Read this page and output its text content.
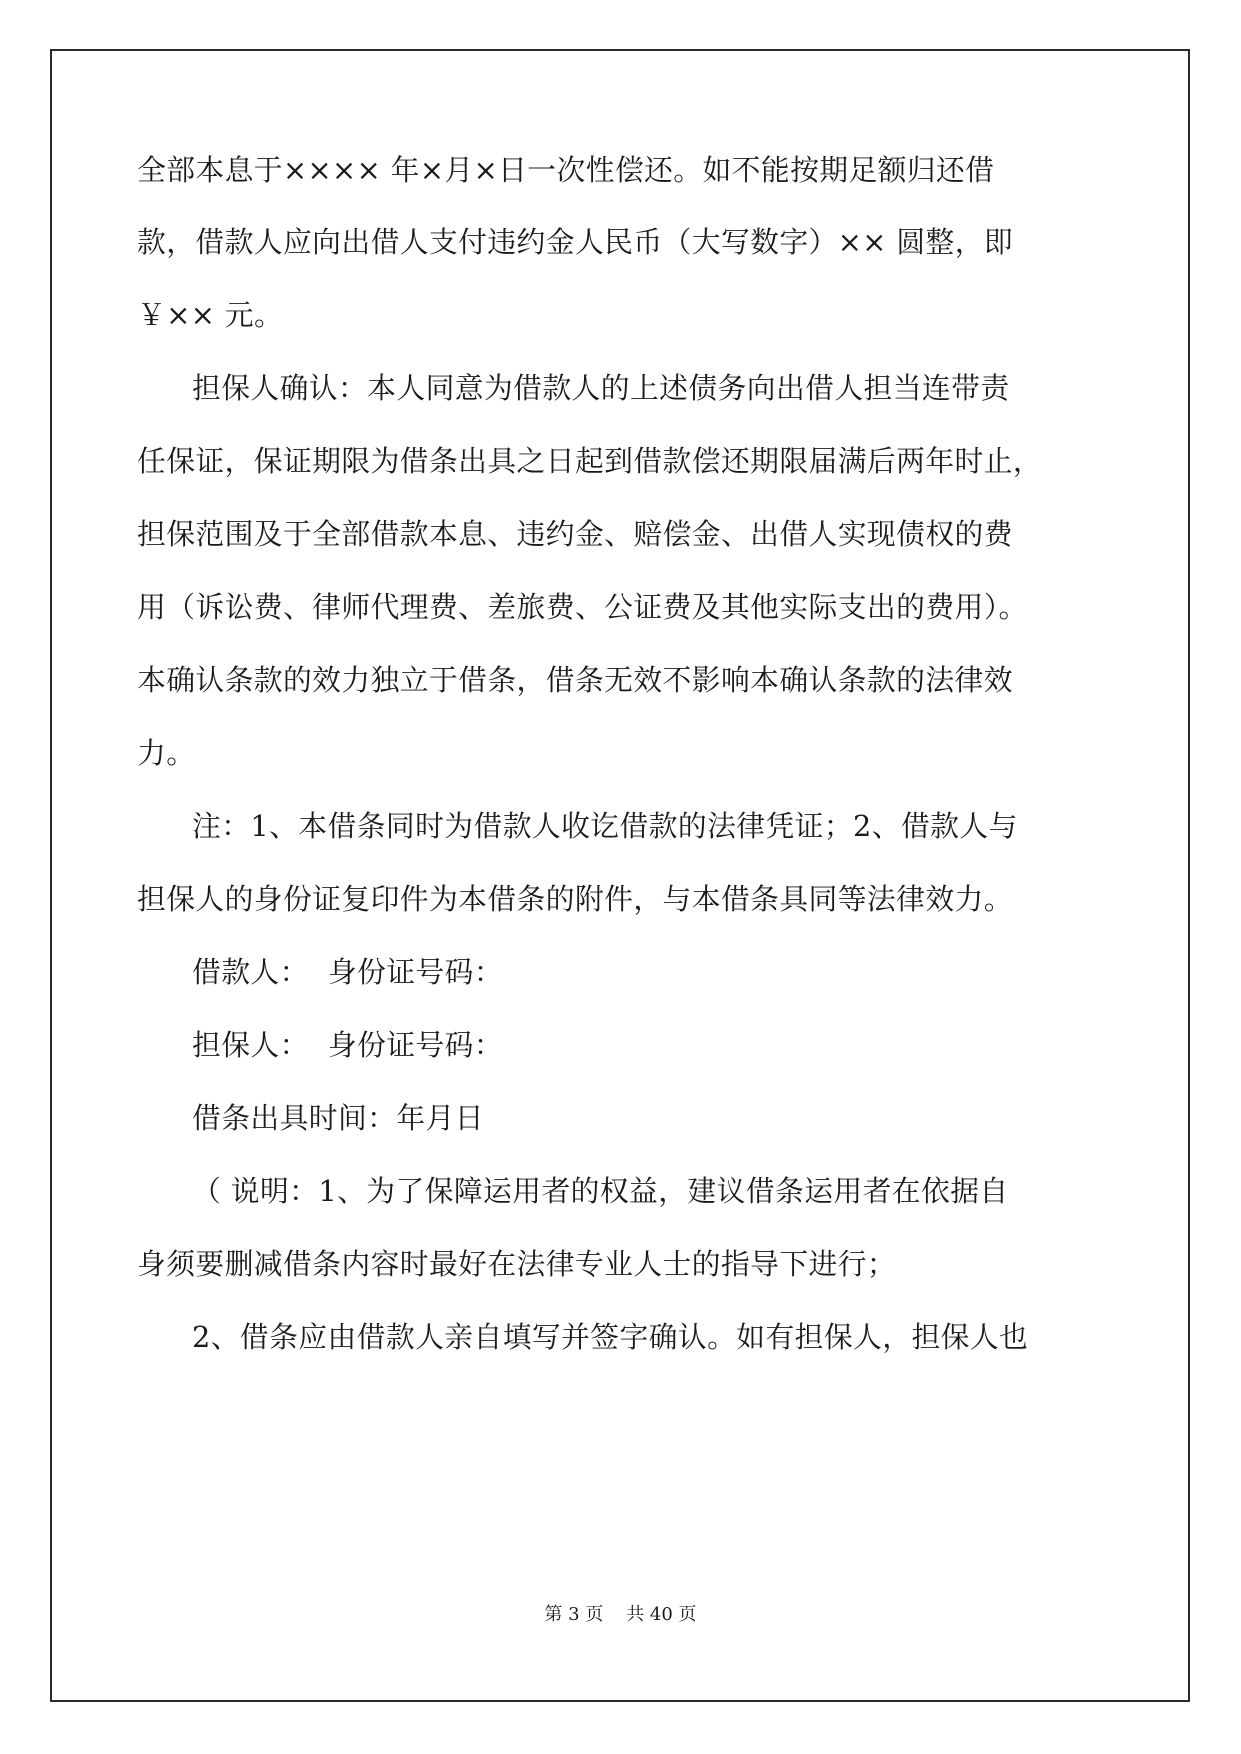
全部本息于×××× 年×月×日一次性偿还。如不能按期足额归还借

款，借款人应向出借人支付违约金人民币（大写数字）×× 圆整，即

￥×× 元。

担保人确认：本人同意为借款人的上述债务向出借人担当连带责

任保证，保证期限为借条出具之日起到借款偿还期限届满后两年时止，

担保范围及于全部借款本息、违约金、赔偿金、出借人实现债权的费

用（诉讼费、律师代理费、差旅费、公证费及其他实际支出的费用）。

本确认条款的效力独立于借条，借条无效不影响本确认条款的法律效

力。

注：1、本借条同时为借款人收讫借款的法律凭证；2、借款人与

担保人的身份证复印件为本借条的附件，与本借条具同等法律效力。

借款人：  身份证号码：

担保人：  身份证号码：

借条出具时间：年月日

（ 说明：1、为了保障运用者的权益，建议借条运用者在依据自

身须要删减借条内容时最好在法律专业人士的指导下进行；

2、借条应由借款人亲自填写并签字确认。如有担保人，担保人也

第 3 页    共 40 页
